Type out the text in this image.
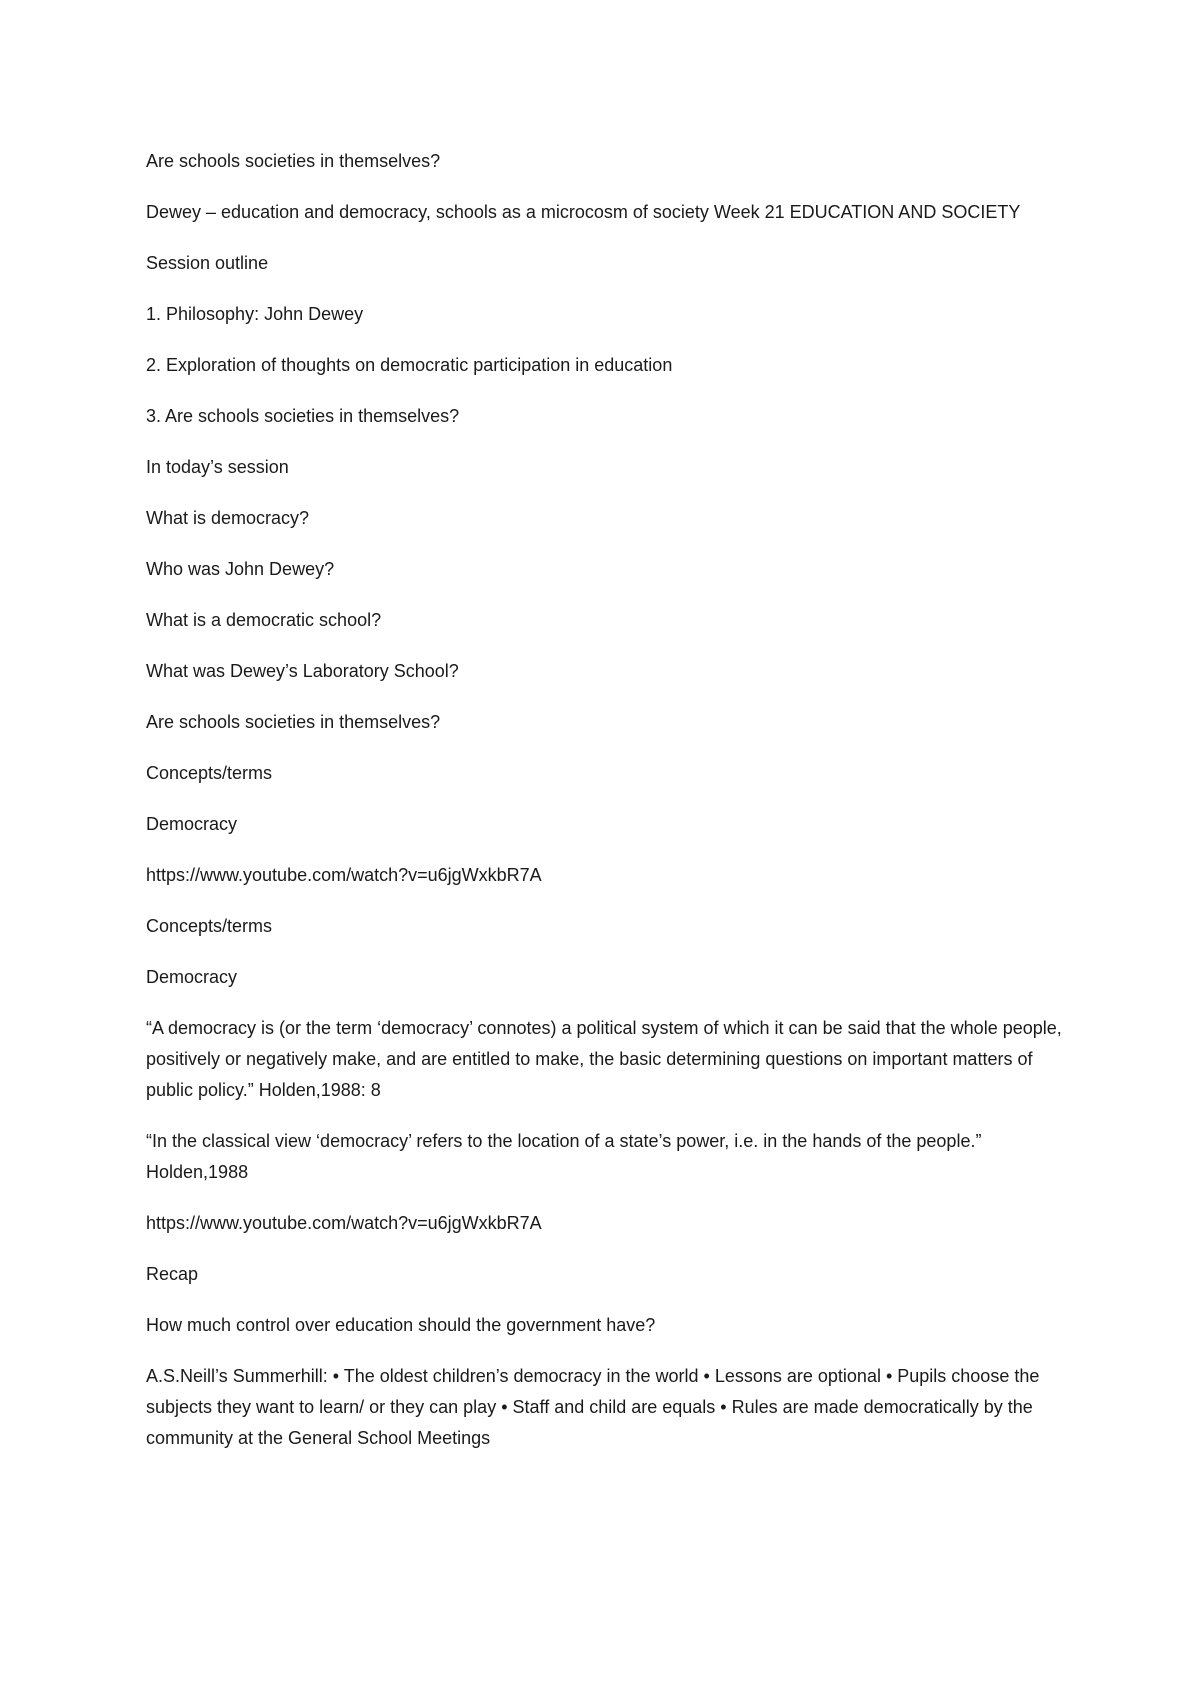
Are schools societies in themselves?

Dewey – education and democracy, schools as a microcosm of society Week 21 EDUCATION AND SOCIETY

Session outline

1. Philosophy: John Dewey

2. Exploration of thoughts on democratic participation in education

3. Are schools societies in themselves?

In today’s session

What is democracy?

Who was John Dewey?

What is a democratic school?

What was Dewey’s Laboratory School?

Are schools societies in themselves?

Concepts/terms

Democracy

https://www.youtube.com/watch?v=u6jgWxkbR7A

Concepts/terms

Democracy

“A democracy is (or the term ‘democracy’ connotes) a political system of which it can be said that the whole people, positively or negatively make, and are entitled to make, the basic determining questions on important matters of public policy.” Holden,1988: 8

“In the classical view ‘democracy’ refers to the location of a state’s power, i.e. in the hands of the people.” Holden,1988

https://www.youtube.com/watch?v=u6jgWxkbR7A

Recap

How much control over education should the government have?

A.S.Neill’s Summerhill: • The oldest children’s democracy in the world • Lessons are optional • Pupils choose the subjects they want to learn/ or they can play • Staff and child are equals • Rules are made democratically by the community at the General School Meetings
